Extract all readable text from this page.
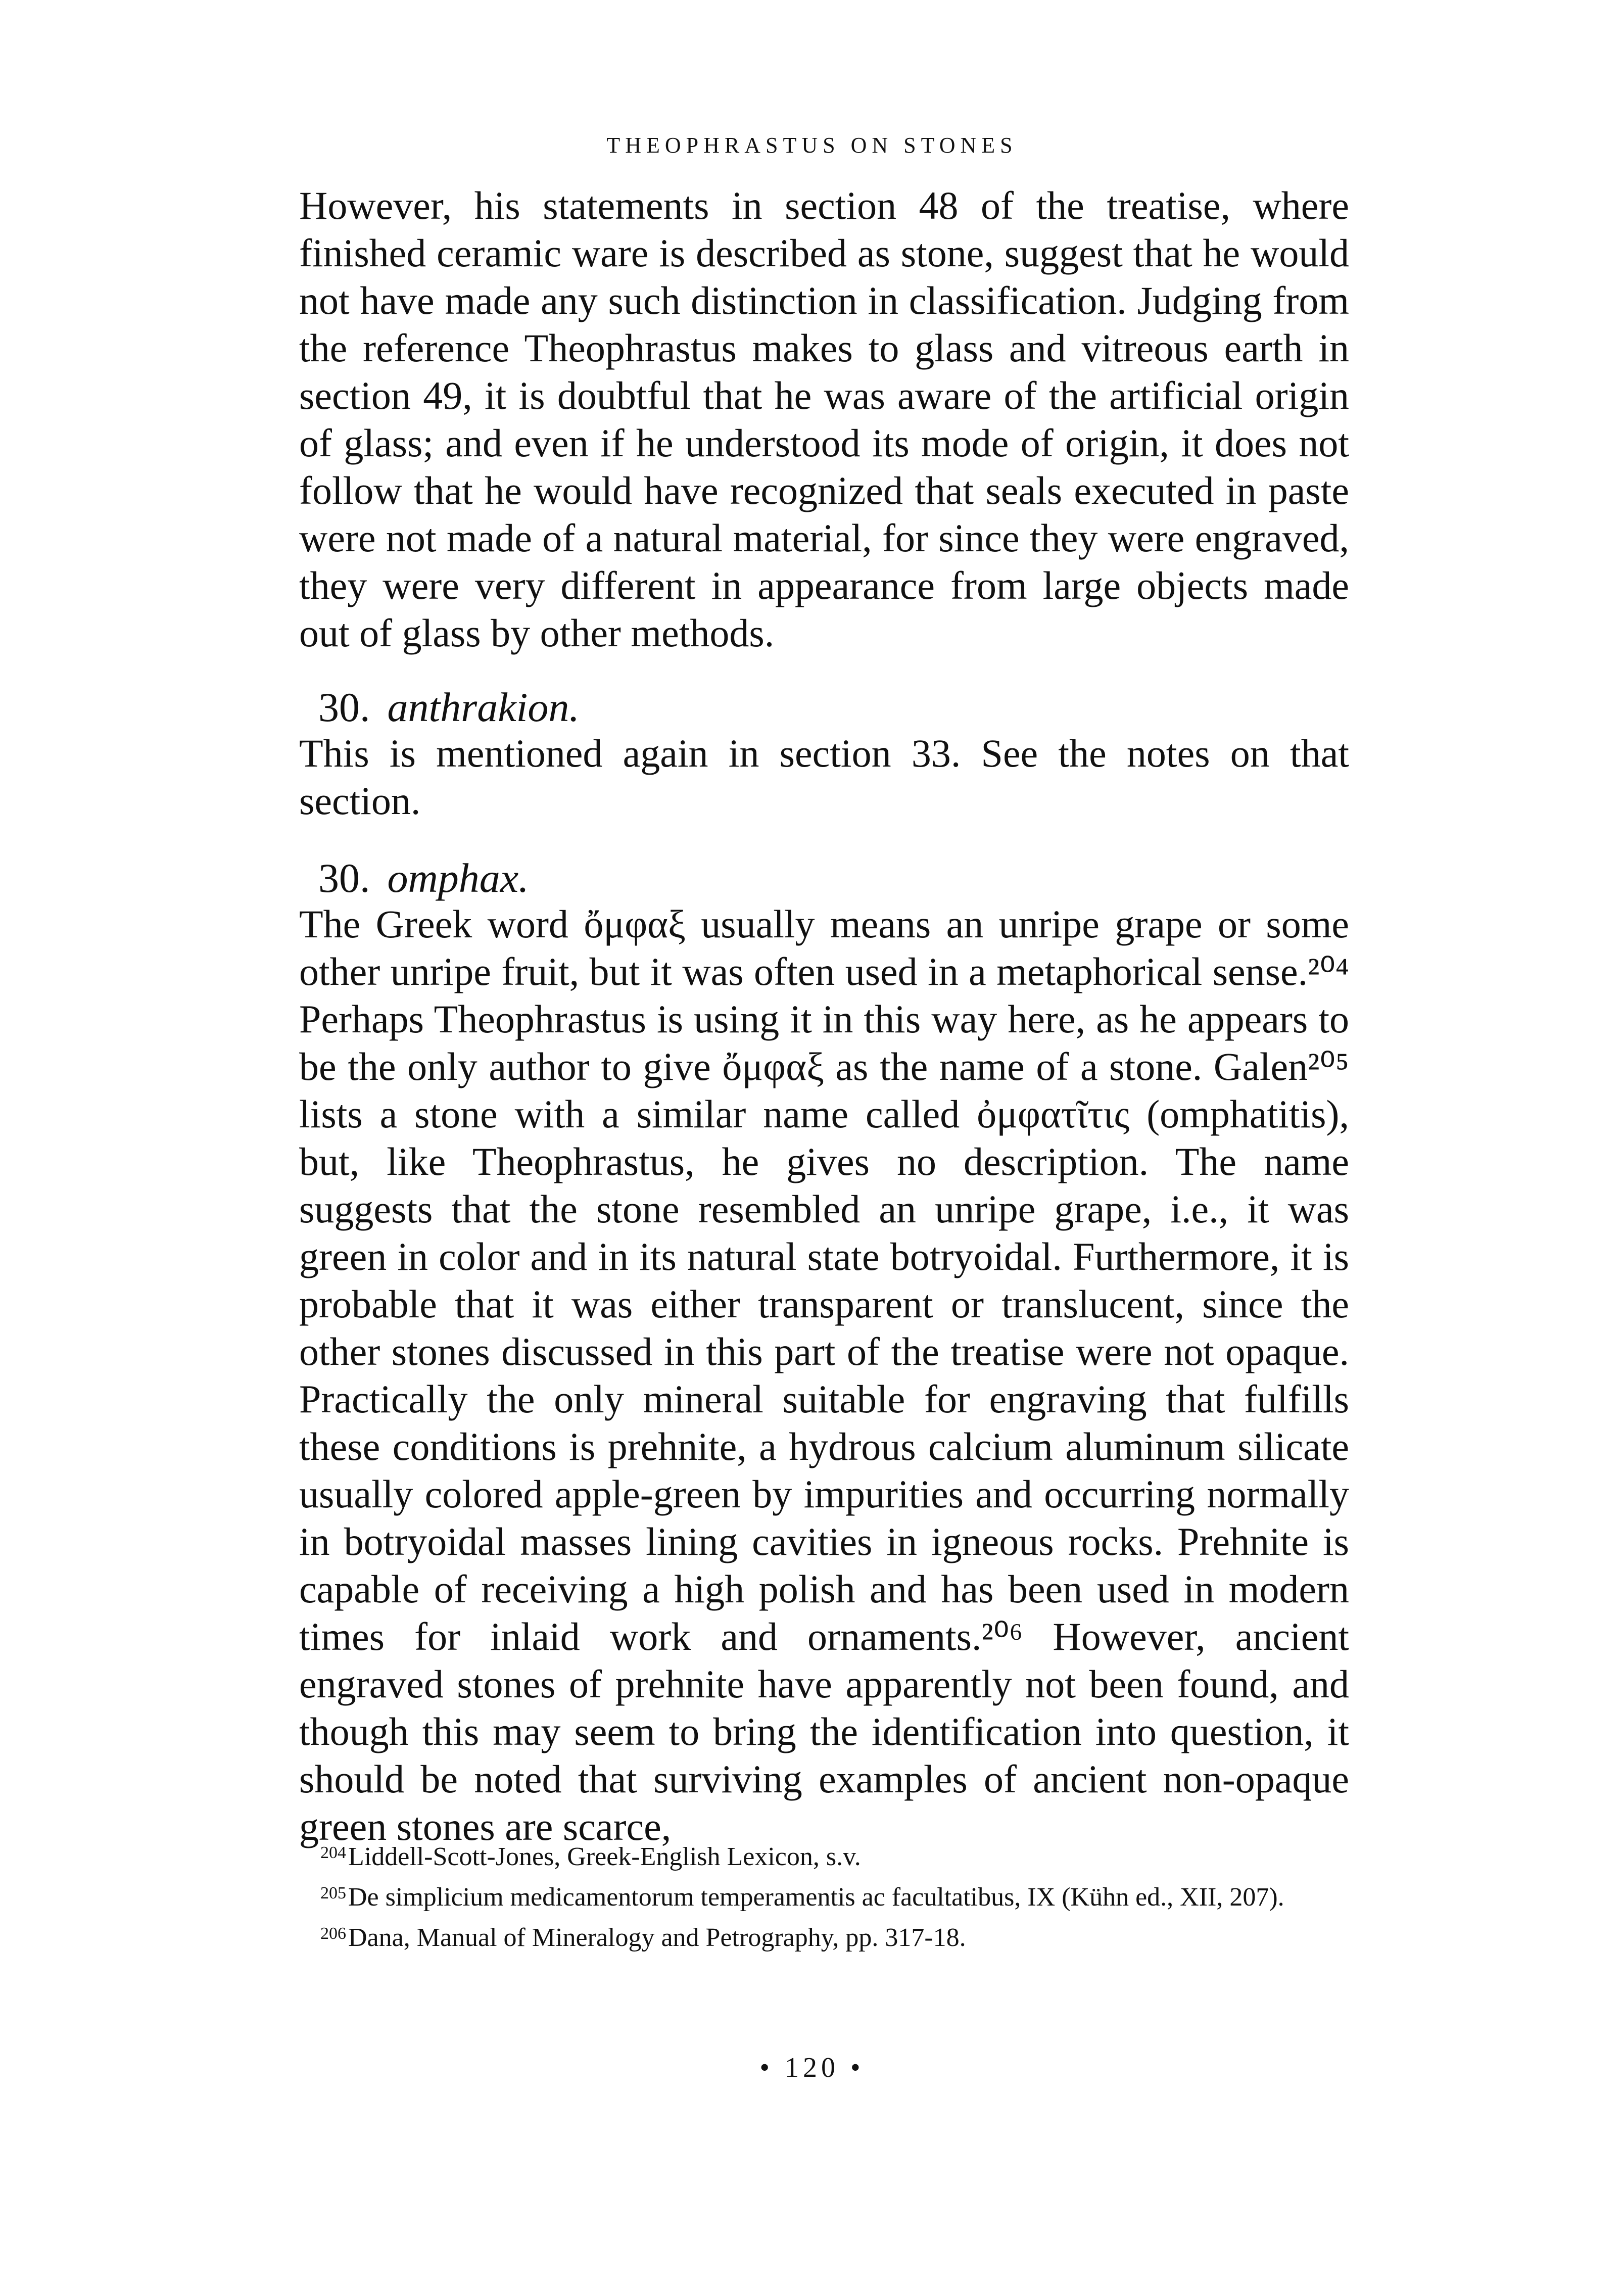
THEOPHRASTUS ON STONES

However, his statements in section 48 of the treatise, where finished ceramic ware is described as stone, suggest that he would not have made any such distinction in classification. Judging from the reference Theophrastus makes to glass and vitreous earth in section 49, it is doubtful that he was aware of the artificial origin of glass; and even if he understood its mode of origin, it does not follow that he would have recognized that seals executed in paste were not made of a natural material, for since they were engraved, they were very different in appearance from large objects made out of glass by other methods.

30. anthrakion.

This is mentioned again in section 33. See the notes on that section.

30. omphax.

The Greek word ὄμφαξ usually means an unripe grape or some other unripe fruit, but it was often used in a metaphorical sense.²⁰⁴ Perhaps Theophrastus is using it in this way here, as he appears to be the only author to give ὄμφαξ as the name of a stone. Galen²⁰⁵ lists a stone with a similar name called ὀμφατῖτις (omphatitis), but, like Theophrastus, he gives no description. The name suggests that the stone resembled an unripe grape, i.e., it was green in color and in its natural state botryoidal. Furthermore, it is probable that it was either transparent or translucent, since the other stones discussed in this part of the treatise were not opaque. Practically the only mineral suitable for engraving that fulfills these conditions is prehnite, a hydrous calcium aluminum silicate usually colored apple-green by impurities and occurring normally in botryoidal masses lining cavities in igneous rocks. Prehnite is capable of receiving a high polish and has been used in modern times for inlaid work and ornaments.²⁰⁶ However, ancient engraved stones of prehnite have apparently not been found, and though this may seem to bring the identification into question, it should be noted that surviving examples of ancient non-opaque green stones are scarce,

$^{204}$Liddell-Scott-Jones, Greek-English Lexicon, s.v.

$^{205}$De simplicium medicamentorum temperamentis ac facultatibus, IX (Kühn ed., XII, 207).

$^{206}$Dana, Manual of Mineralogy and Petrography, pp. 317-18.

• 120 •
